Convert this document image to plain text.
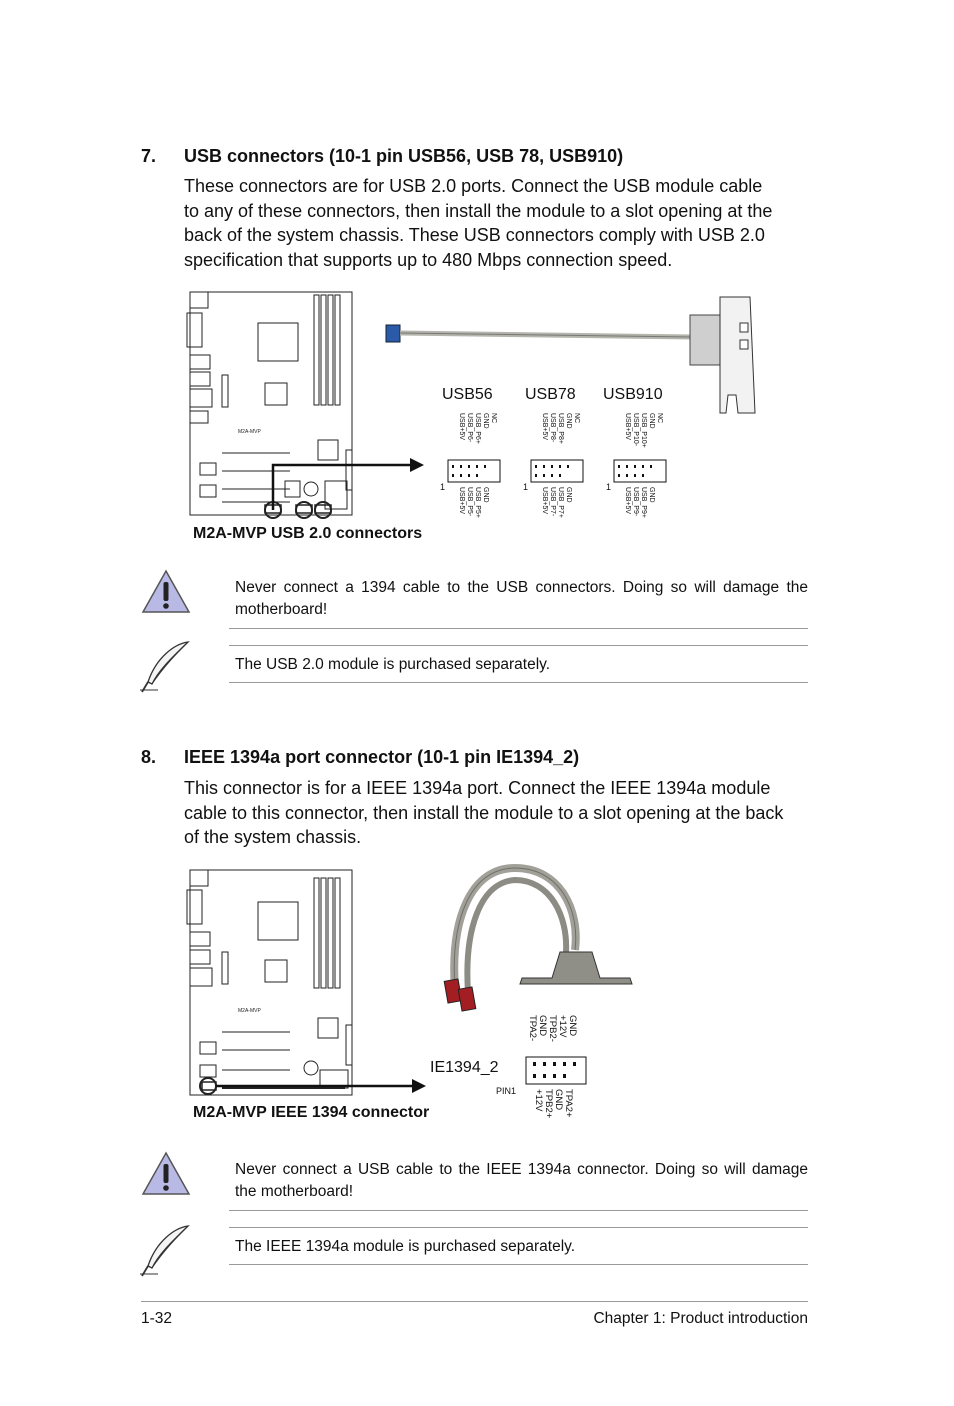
7. USB connectors (10-1 pin USB56, USB 78, USB910)
These connectors are for USB 2.0 ports. Connect the USB module cable
to any of these connectors, then install the module to a slot opening at the
back of the system chassis. These USB connectors comply with USB 2.0
specification that supports up to 480 Mbps connection speed.
M2A-MVP
USB56 USB78 USB910
USB+5V USB_P6- USB_P6+ GND NC
1 USB+5V USB_P5- USB_P5+ GND
USB+5V USB_P8- USB_P8+ GND NC
1 USB+5V USB_P7- USB_P7+ GND
USB+5V USB_P10- USB_P10+ GND NC
1 USB+5V USB_P9- USB_P9+ GND
M2A-MVP USB 2.0 connectors
Never connect a 1394 cable to the USB connectors. Doing so will damage the motherboard!
The USB 2.0 module is purchased separately.
8. IEEE 1394a port connector (10-1 pin IE1394_2)
This connector is for a IEEE 1394a port. Connect the IEEE 1394a module
cable to this connector, then install the module to a slot opening at the back
of the system chassis.
M2A-MVP
IE1394_2
TPA2- GND TPB2- +12V GND
PIN1	TPA2+
GND
TPB2+
+12V
M2A-MVP IEEE 1394 connector
Never connect a USB cable to the IEEE 1394a connector. Doing so will damage the motherboard!
The IEEE 1394a module is purchased separately.
1-32	Chapter 1: Product introduction
